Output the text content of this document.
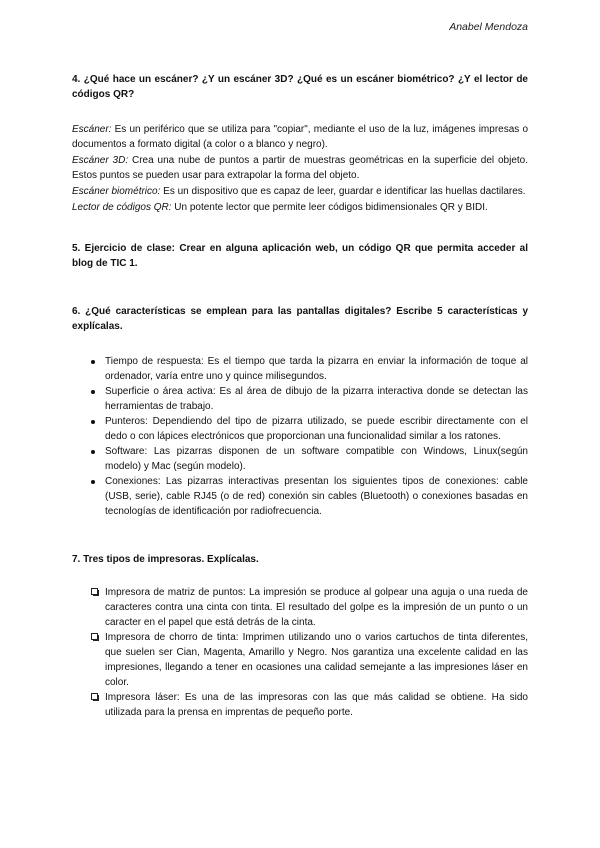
Anabel Mendoza

4. ¿Qué hace un escáner? ¿Y un escáner 3D? ¿Qué es un escáner biométrico? ¿Y el lector de códigos QR?

Escáner: Es un periférico que se utiliza para "copiar", mediante el uso de la luz, imágenes impresas o documentos a formato digital (a color o a blanco y negro).

Escáner 3D: Crea una nube de puntos a partir de muestras geométricas en la superficie del objeto. Estos puntos se pueden usar para extrapolar la forma del objeto.

Escáner biométrico: Es un dispositivo que es capaz de leer, guardar e identificar las huellas dactilares.

Lector de códigos QR: Un potente lector que permite leer códigos bidimensionales QR y BIDI.

5. Ejercicio de clase: Crear en alguna aplicación web, un código QR que permita acceder al blog de TIC 1.

6. ¿Qué características se emplean para las pantallas digitales? Escribe 5 características y explícalas.

Tiempo de respuesta: Es el tiempo que tarda la pizarra en enviar la información de toque al ordenador, varía entre uno y quince milisegundos.
Superficie o área activa: Es al área de dibujo de la pizarra interactiva donde se detectan las herramientas de trabajo.
Punteros: Dependiendo del tipo de pizarra utilizado, se puede escribir directamente con el dedo o con lápices electrónicos que proporcionan una funcionalidad similar a los ratones.
Software: Las pizarras disponen de un software compatible con Windows, Linux(según modelo) y Mac (según modelo).
Conexiones: Las pizarras interactivas presentan los siguientes tipos de conexiones: cable (USB, serie), cable RJ45 (o de red) conexión sin cables (Bluetooth) o conexiones basadas en tecnologías de identificación por radiofrecuencia.

7. Tres tipos de impresoras. Explícalas.

Impresora de matriz de puntos: La impresión se produce al golpear una aguja o una rueda de caracteres contra una cinta con tinta. El resultado del golpe es la impresión de un punto o un caracter en el papel que está detrás de la cinta.
Impresora de chorro de tinta: Imprimen utilizando uno o varios cartuchos de tinta diferentes, que suelen ser Cian, Magenta, Amarillo y Negro. Nos garantiza una excelente calidad en las impresiones, llegando a tener en ocasiones una calidad semejante a las impresiones láser en color.
Impresora láser: Es una de las impresoras con las que más calidad se obtiene. Ha sido utilizada para la prensa en imprentas de pequeño porte.
